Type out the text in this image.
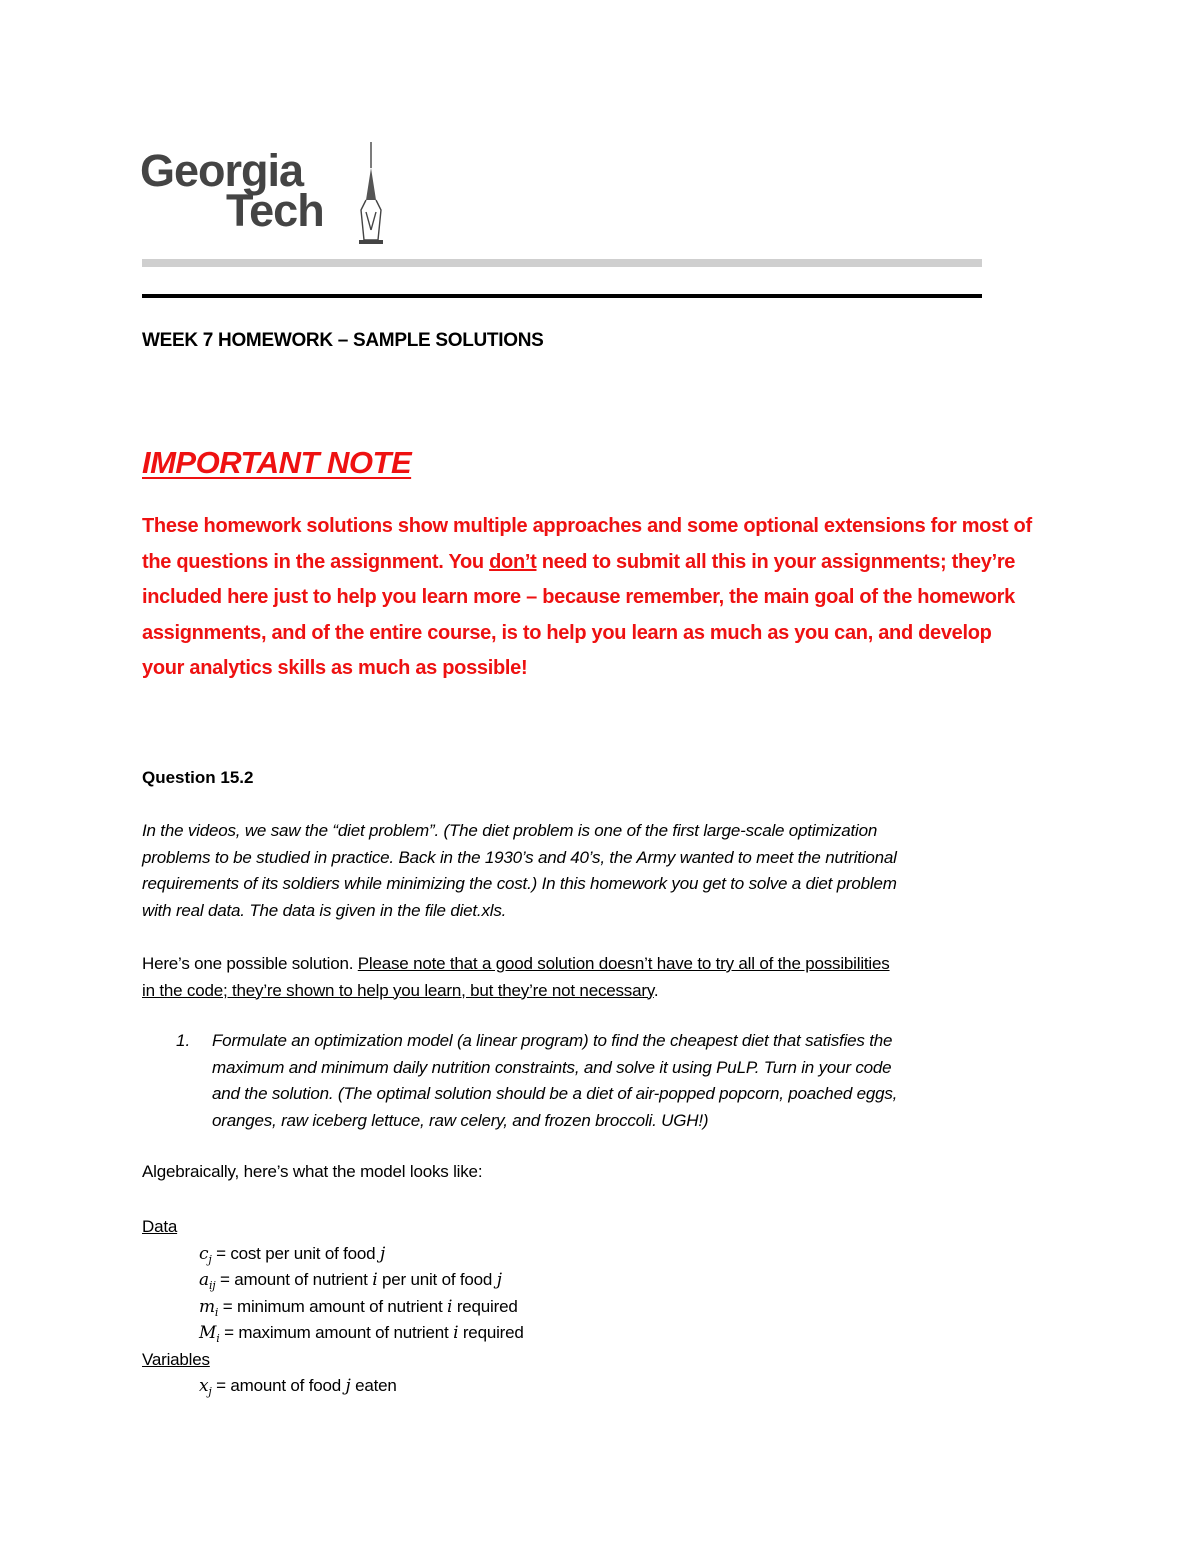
Georgia
Tech
WEEK 7 HOMEWORK – SAMPLE SOLUTIONS
IMPORTANT NOTE
These homework solutions show multiple approaches and some optional extensions for most of
the questions in the assignment. You don’t need to submit all this in your assignments; they’re
included here just to help you learn more – because remember, the main goal of the homework
assignments, and of the entire course, is to help you learn as much as you can, and develop
your analytics skills as much as possible!
Question 15.2
In the videos, we saw the “diet problem”. (The diet problem is one of the first large-scale optimization
problems to be studied in practice. Back in the 1930’s and 40’s, the Army wanted to meet the nutritional
requirements of its soldiers while minimizing the cost.) In this homework you get to solve a diet problem
with real data. The data is given in the file diet.xls.
Here’s one possible solution. Please note that a good solution doesn’t have to try all of the possibilities
in the code; they’re shown to help you learn, but they’re not necessary.
1. Formulate an optimization model (a linear program) to find the cheapest diet that satisfies the
maximum and minimum daily nutrition constraints, and solve it using PuLP. Turn in your code
and the solution. (The optimal solution should be a diet of air-popped popcorn, poached eggs,
oranges, raw iceberg lettuce, raw celery, and frozen broccoli. UGH!)
Algebraically, here’s what the model looks like:
Data
$c_j = \cos t$ per unit of food j
$a_{ij}$ = amount of nutrient i per unit of food j
$m_i$ = minimum amount of nutrient i required
$M_i$ = maximum amount of nutrient i required
Variables
$x_j$ = amount of food j eaten
